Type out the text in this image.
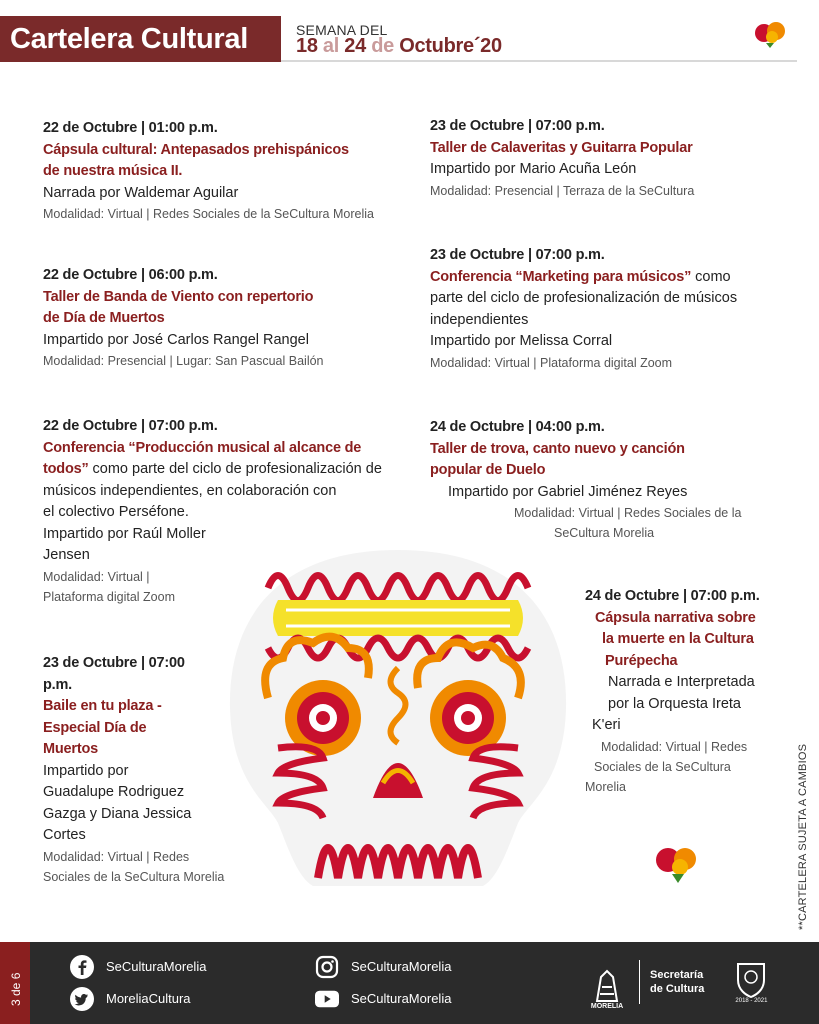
Cartelera Cultural	SEMANA DEL
18 al 24 de Octubre´20
22 de Octubre | 01:00 p.m.
Cápsula cultural: Antepasados prehispánicos
de nuestra música II.
Narrada por Waldemar Aguilar
Modalidad: Virtual | Redes Sociales de la SeCultura Morelia
22 de Octubre | 06:00 p.m.
Taller de Banda de Viento con repertorio
de Día de Muertos
Impartido por José Carlos Rangel Rangel
Modalidad: Presencial | Lugar: San Pascual Bailón
22 de Octubre | 07:00 p.m.
Conferencia “Producción musical al alcance de
todos” como parte del ciclo de profesionalización de
músicos independientes, en colaboración con
el colectivo Perséfone.
Impartido por Raúl Moller
Jensen
Modalidad: Virtual |
Plataforma digital Zoom
23 de Octubre | 07:00
p.m.
Baile en tu plaza -
Especial Día de
Muertos
Impartido por
Guadalupe Rodriguez
Gazga y Diana Jessica
Cortes
Modalidad: Virtual | Redes
Sociales de la SeCultura Morelia
23 de Octubre | 07:00 p.m.
Taller de Calaveritas y Guitarra Popular
Impartido por Mario Acuña León
Modalidad: Presencial | Terraza de la SeCultura
23 de Octubre | 07:00 p.m.
Conferencia “Marketing para músicos” como
parte del ciclo de profesionalización de músicos
independientes
Impartido por Melissa Corral
Modalidad: Virtual | Plataforma digital Zoom
24 de Octubre | 04:00 p.m.
Taller de trova, canto nuevo y canción
popular de Duelo
Impartido por Gabriel Jiménez Reyes
Modalidad: Virtual | Redes Sociales de la
SeCultura Morelia
24 de Octubre | 07:00 p.m.
Cápsula narrativa sobre
la muerte en la Cultura
Purépecha
Narrada e Interpretada
por la Orquesta Ireta
K'eri
Modalidad: Virtual | Redes
Sociales de la SeCultura
Morelia	**CARTELERA SUJETA A CAMBIOS
3 de 6
SeCulturaMorelia
MoreliaCultura
SeCulturaMorelia
SeCulturaMorelia
MORELIA
Secretaría
de Cultura
2018 - 2021
